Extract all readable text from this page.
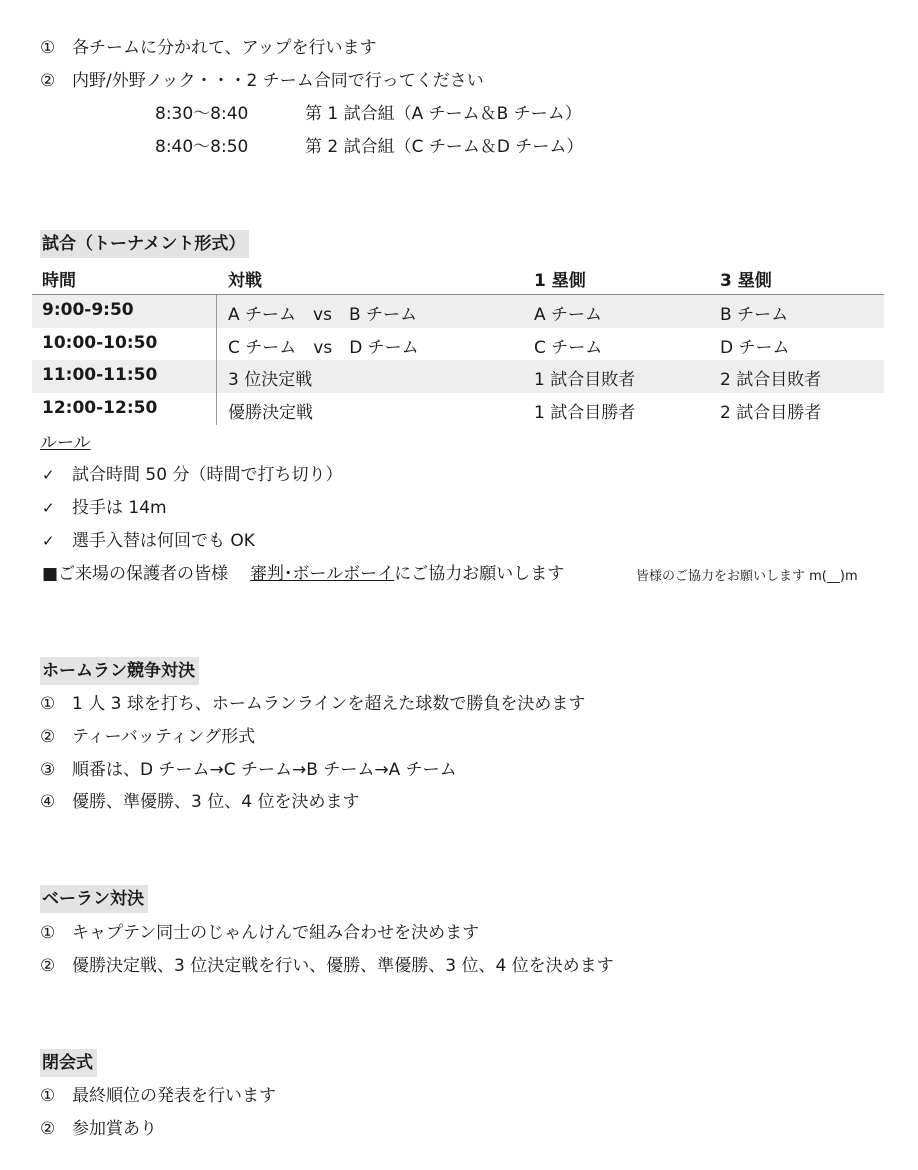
① 各チームに分かれて、アップを行います
② 内野/外野ノック・・・2 チーム合同で行ってください
8:30～8:40	第 1 試合組（A チーム＆B チーム）
8:40～8:50	第 2 試合組（C チーム＆D チーム）
試合（トーナメント形式）
時間	対戦	1 塁側	3 塁側
9:00-9:50	A チーム　vs　B チーム	A チーム	B チーム
10:00-10:50	C チーム　vs　D チーム	C チーム	D チーム
11:00-11:50	3 位決定戦	1 試合目敗者	2 試合目敗者
12:00-12:50	優勝決定戦	1 試合目勝者	2 試合目勝者
ルール
✓ 試合時間 50 分（時間で打ち切り）
✓ 投手は 14m
✓ 選手入替は何回でも OK
■ご来場の保護者の皆様 審判･ボールボーイにご協力お願いします	皆様のご協力をお願いします m(__)m
ホームラン競争対決
① 1 人 3 球を打ち、ホームランラインを超えた球数で勝負を決めます
② ティーバッティング形式
③ 順番は、D チーム→C チーム→B チーム→A チーム
④ 優勝、準優勝、3 位、4 位を決めます
ベーラン対決
① キャプテン同士のじゃんけんで組み合わせを決めます
② 優勝決定戦、3 位決定戦を行い、優勝、準優勝、3 位、4 位を決めます
閉会式
① 最終順位の発表を行います
② 参加賞あり
